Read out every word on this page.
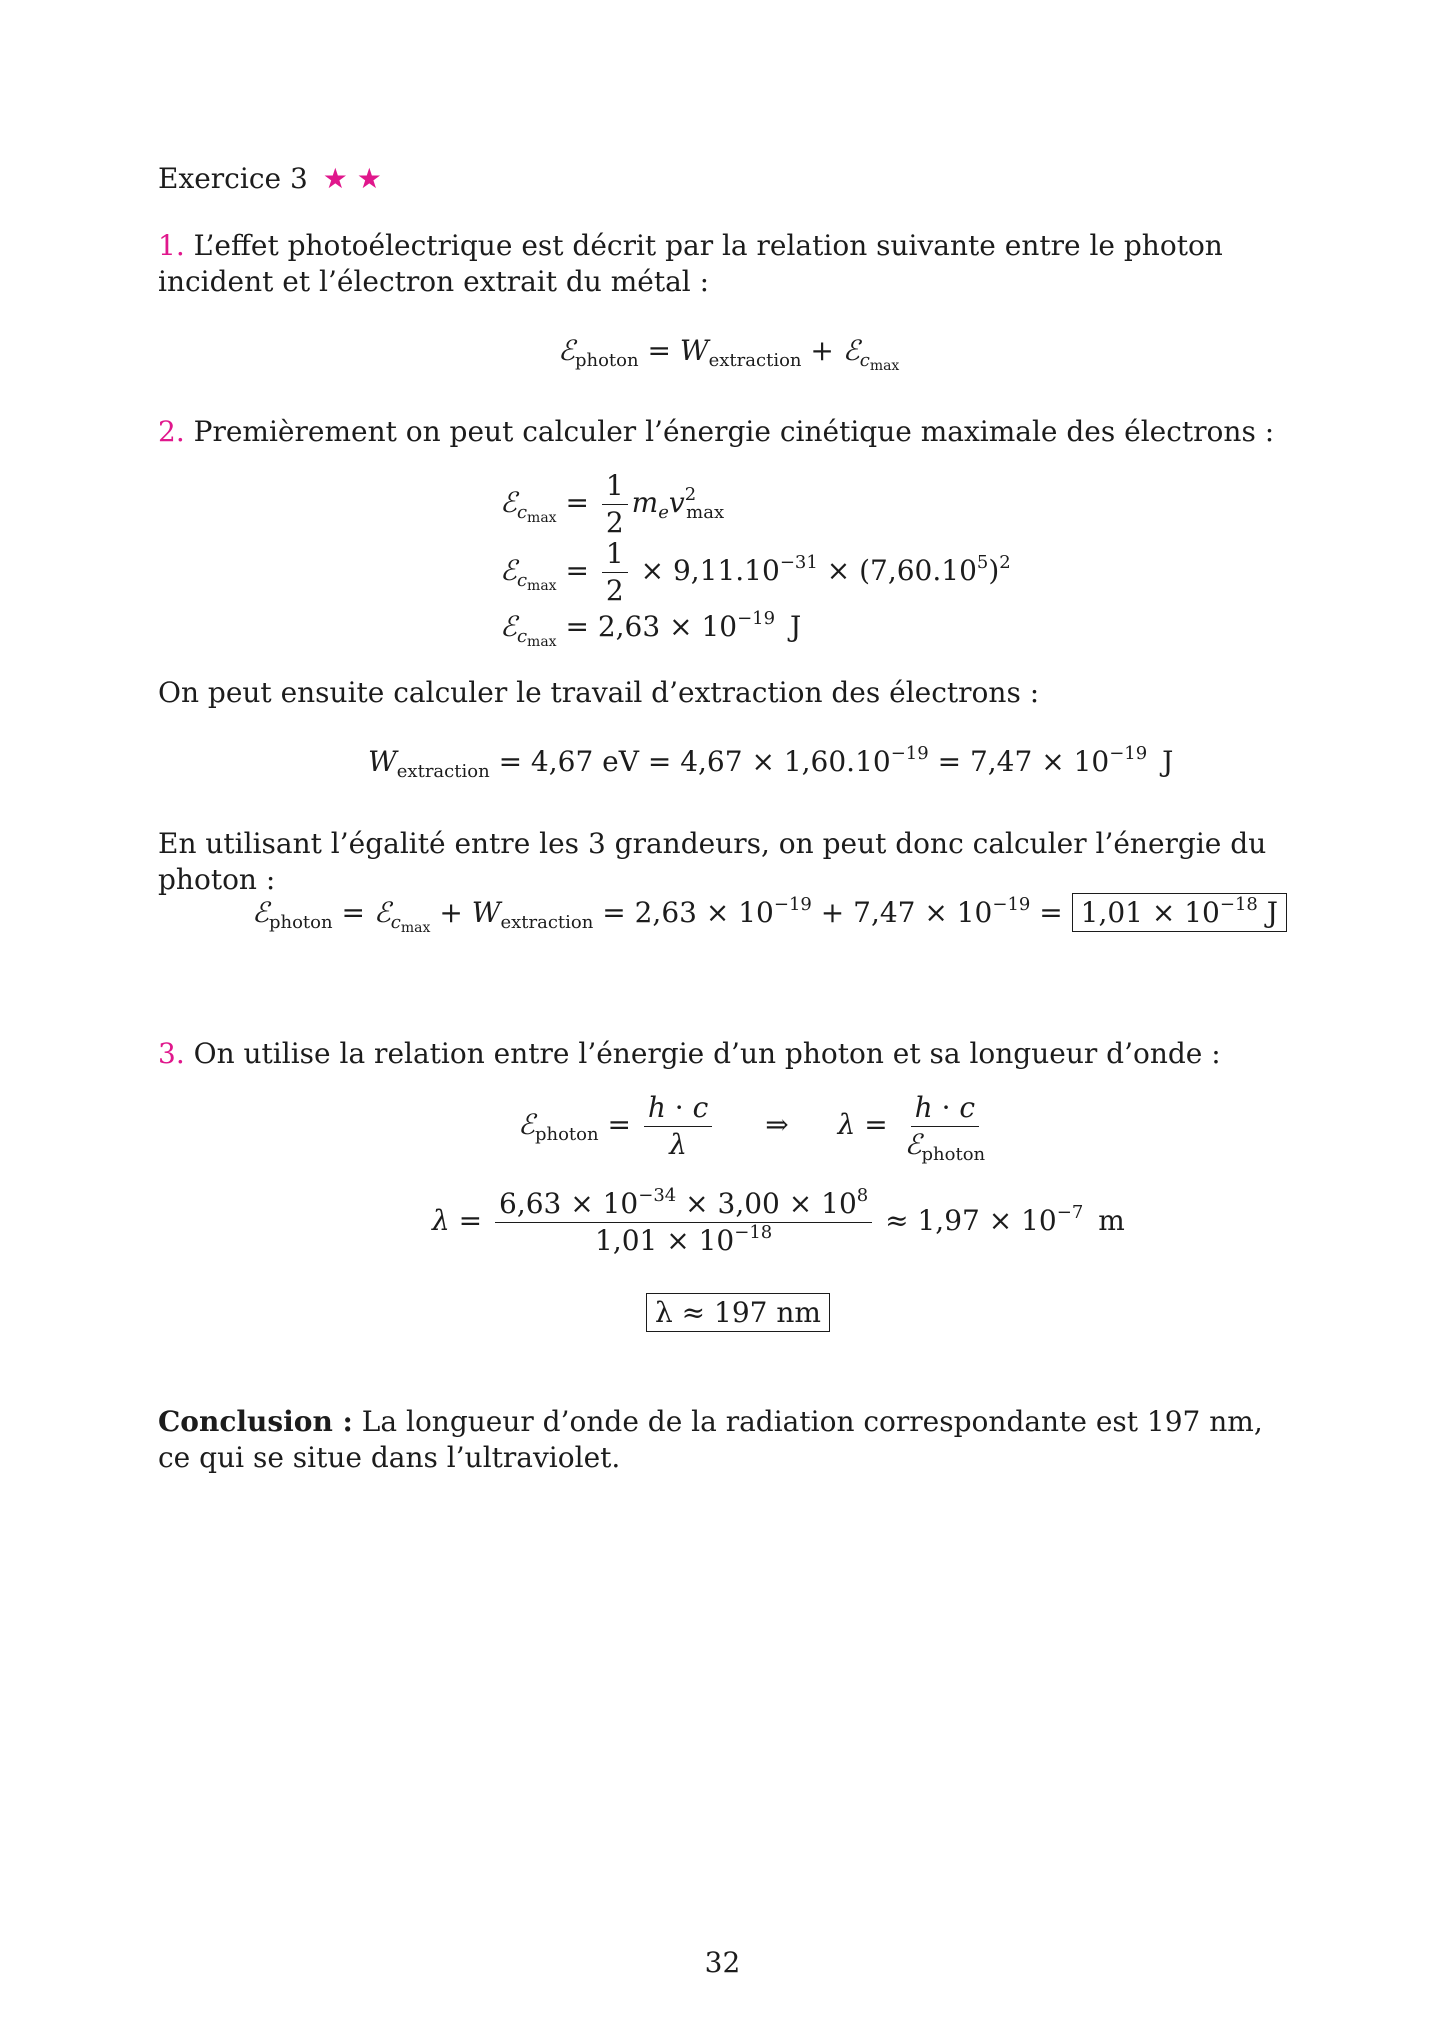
Exercice 3 ★ ★
1. L’effet photoélectrique est décrit par la relation suivante entre le photon incident et l’électron extrait du métal :
ℰ$_{photon}$ = $W_{extraction}$ + ℰ$_{c_{max}}$
2. Premièrement on peut calculer l’énergie cinétique maximale des électrons :
ℰ$_{c_{max}}$ = $\frac{1}{2} m_ev^2_{max}$
ℰ$_{c_{max}}$ = $\frac{1}{2} \times 9,11.10^{-31} \times (7,60.10^5)^2$
ℰ$_{c_{max}}$ = $2,63 \times 10^{-19}$ J
On peut ensuite calculer le travail d’extraction des électrons :
$W_{extraction} = 4,67$ eV = $4,67 \times 1,60.10^{-19} = 7,47 \times 10^{-19}$ J
En utilisant l’égalité entre les 3 grandeurs, on peut donc calculer l’énergie du photon :
ℰ$_{photon}$ = ℰ$_{c_{max}}$ + $W_{extraction} = 2,63 \times 10^{-19} + 7,47 \times 10^{-19} = 1,01 \times 10^{-18}$ J
3. On utilise la relation entre l’énergie d’un photon et sa longueur d’onde :
ℰ$_{photon}$ = $\frac{h \cdot c}{\lambda}$ ⇒ $\lambda = \frac{h \cdot c}{ℰ_{photon}}$
$\lambda = \frac{6,63 \times 10^{-34} \times 3,00 \times 10^8}{1,01 \times 10^{-18}} \approx 1,97 \times 10^{-7}$ m
λ ≈ 197 nm
Conclusion : La longueur d’onde de la radiation correspondante est 197 nm, ce qui se situe dans l’ultraviolet.
32
